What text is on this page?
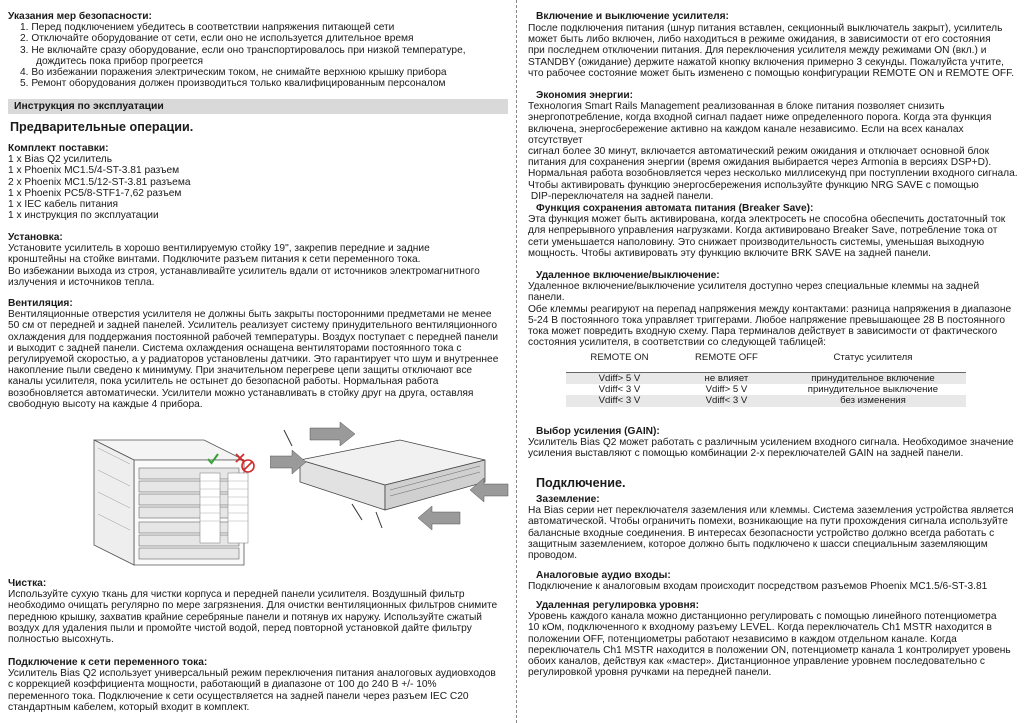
Указания мер безопасности:

1. Перед подключением убедитесь в соответствии напряжения питающей сети
2. Отключайте оборудование от сети, если оно не используется длительное время
3. Не включайте сразу оборудование, если оно транспортировалось при низкой температуре,
дождитесь пока прибор прогреется
4. Во избежании поражения электрическим током, не снимайте верхнюю крышку прибора
5. Ремонт оборудования должен производиться только квалифицированным персоналом

Инструкция по эксплуатации

Предварительные операции.

Комплект поставки:

1 x Bias Q2 усилитель

1 x Phoenix MC1.5/4-ST-3.81 разъем

2 x Phoenix MC1.5/12-ST-3.81 разъема

1 x Phoenix PC5/8-STF1-7,62 разъем

1 x IEC кабель питания

1 x инструкция по эксплуатации

Установка:

Установите усилитель в хорошо вентилируемую стойку 19", закрепив передние и задние

кронштейны на стойке винтами. Подключите разъем питания к сети переменного тока.

Во избежании выхода из строя, устанавливайте усилитель вдали от источников электромагнитного

излучения и источников тепла.

Вентиляция:

Вентиляционные отверстия усилителя не должны быть закрыты посторонними предметами не менее

50 см от передней и задней панелей. Усилитель реализует систему принудительного вентиляционного

охлаждения для поддержания постоянной рабочей температуры. Воздух поступает с передней панели

и выходит с задней панели. Система охлаждения оснащена вентиляторами постоянного тока с

регулируемой скоростью, а у радиаторов установлены датчики. Это гарантирует что шум и внутреннее

накопление пыли сведено к минимуму. При значительном перегреве цепи защиты отключают все

каналы усилителя, пока усилитель не остынет до безопасной работы. Нормальная работа

возобновляется автоматически. Усилители можно устанавливать в стойку друг на друга, оставляя

свободную высоту на каждые 4 прибора.

Чистка:

Используйте сухую ткань для чистки корпуса и передней панели усилителя. Воздушный фильтр

необходимо очищать регулярно по мере загрязнения. Для очистки вентиляционных фильтров снимите

переднюю крышку, захватив крайние серебряные панели и потянув их наружу. Используйте сжатый

воздух для удаления пыли и промойте чистой водой, перед повторной установкой дайте фильтру

полностью высохнуть.

Подключение к сети переменного тока:

Усилитель Bias Q2 использует универсальный режим переключения питания аналоговых аудиовходов

с коррекцией коэффициента мощности, работающий в диапазоне от 100 до 240 В +/- 10%

переменного тока. Подключение к сети осуществляется на задней панели через разъем IEC C20

стандартным кабелем, который входит в комплект.

Включение и выключение усилителя:

После подключения питания (шнур питания вставлен, секционный выключатель закрыт), усилитель

может быть либо включен, либо находиться в режиме ожидания, в зависимости от его состояния

при последнем отключении питания. Для переключения усилителя между режимами ON (вкл.) и

STANDBY (ожидание) держите нажатой кнопку включения примерно 3 секунды. Пожалуйста учтите,

что рабочее состояние может быть изменено с помощью конфигурации REMOTE ON и REMOTE OFF.

Экономия энергии:

Технология Smart Rails Management реализованная в блоке питания позволяет снизить

энергопотребление, когда входной сигнал падает ниже определенного порога. Когда эта функция

включена, энергосбережение активно на каждом канале независимо. Если на всех каналах отсутствует

сигнал более 30 минут, включается автоматический режим ожидания и отключает основной блок

питания для сохранения энергии (время ожидания выбирается через Armonia в версиях DSP+D).

Нормальная работа возобновляется через несколько миллисекунд при поступлении входного сигнала.

Чтобы активировать функцию энергосбережения используйте функцию NRG SAVE с помощью

DIP-переключателя на задней панели.

Функция сохранения автомата питания (Breaker Save):

Эта функция может быть активирована, когда электросеть не способна обеспечить достаточный ток

для непрерывного управления нагрузками. Когда активировано Breaker Save, потребление тока от

сети уменьшается наполовину. Это снижает производительность системы, уменьшая выходную

мощность. Чтобы активировать эту функцию включите BRK SAVE на задней панели.

Удаленное включение/выключение:

Удаленное включение/выключение усилителя доступно через специальные клеммы на задней панели.

Обе клеммы реагируют на перепад напряжения между контактами: разница напряжения в диапазоне

5-24 В постоянного тока управляет триггерами. Любое напряжение превышающее 28 В постоянного

тока может повредить входную схему. Пара терминалов действует в зависимости от фактического

состояния усилителя, в соответствии со следующей таблицей:

REMOTE ON	REMOTE OFF	Статус усилителя
Vdiff> 5 V	не влияет	принудительное включение
Vdiff< 3 V	Vdiff> 5 V	принудительное выключение
Vdiff< 3 V	Vdiff< 3 V	без изменения

Выбор усиления (GAIN):

Усилитель Bias Q2 может работать с различным усилением входного сигнала. Необходимое значение

усиления выставляют с помощью комбинации 2-х переключателей GAIN на задней панели.

Подключение.

Заземление:

На Bias серии нет переключателя заземления или клеммы. Система заземления устройства является

автоматической. Чтобы ограничить помехи, возникающие на пути прохождения сигнала используйте

балансные входные соединения. В интересах безопасности устройство должно всегда работать с

защитным заземлением, которое должно быть подключено к шасси специальным заземляющим

проводом.

Аналоговые аудио входы:

Подключение к аналоговым входам происходит посредством разъемов Phoenix MC1.5/6-ST-3.81

Удаленная регулировка уровня:

Уровень каждого канала можно дистанционно регулировать с помощью линейного потенциометра

10 кОм, подключенного к входному разъему LEVEL. Когда переключатель Ch1 MSTR находится в

положении OFF, потенциометры работают независимо в каждом отдельном канале. Когда

переключатель Ch1 MSTR находится в положении ON, потенциометр канала 1 контролирует уровень

обоих каналов, действуя как «мастер». Дистанционное управление уровнем последовательно с

регулировкой уровня ручками на передней панели.
